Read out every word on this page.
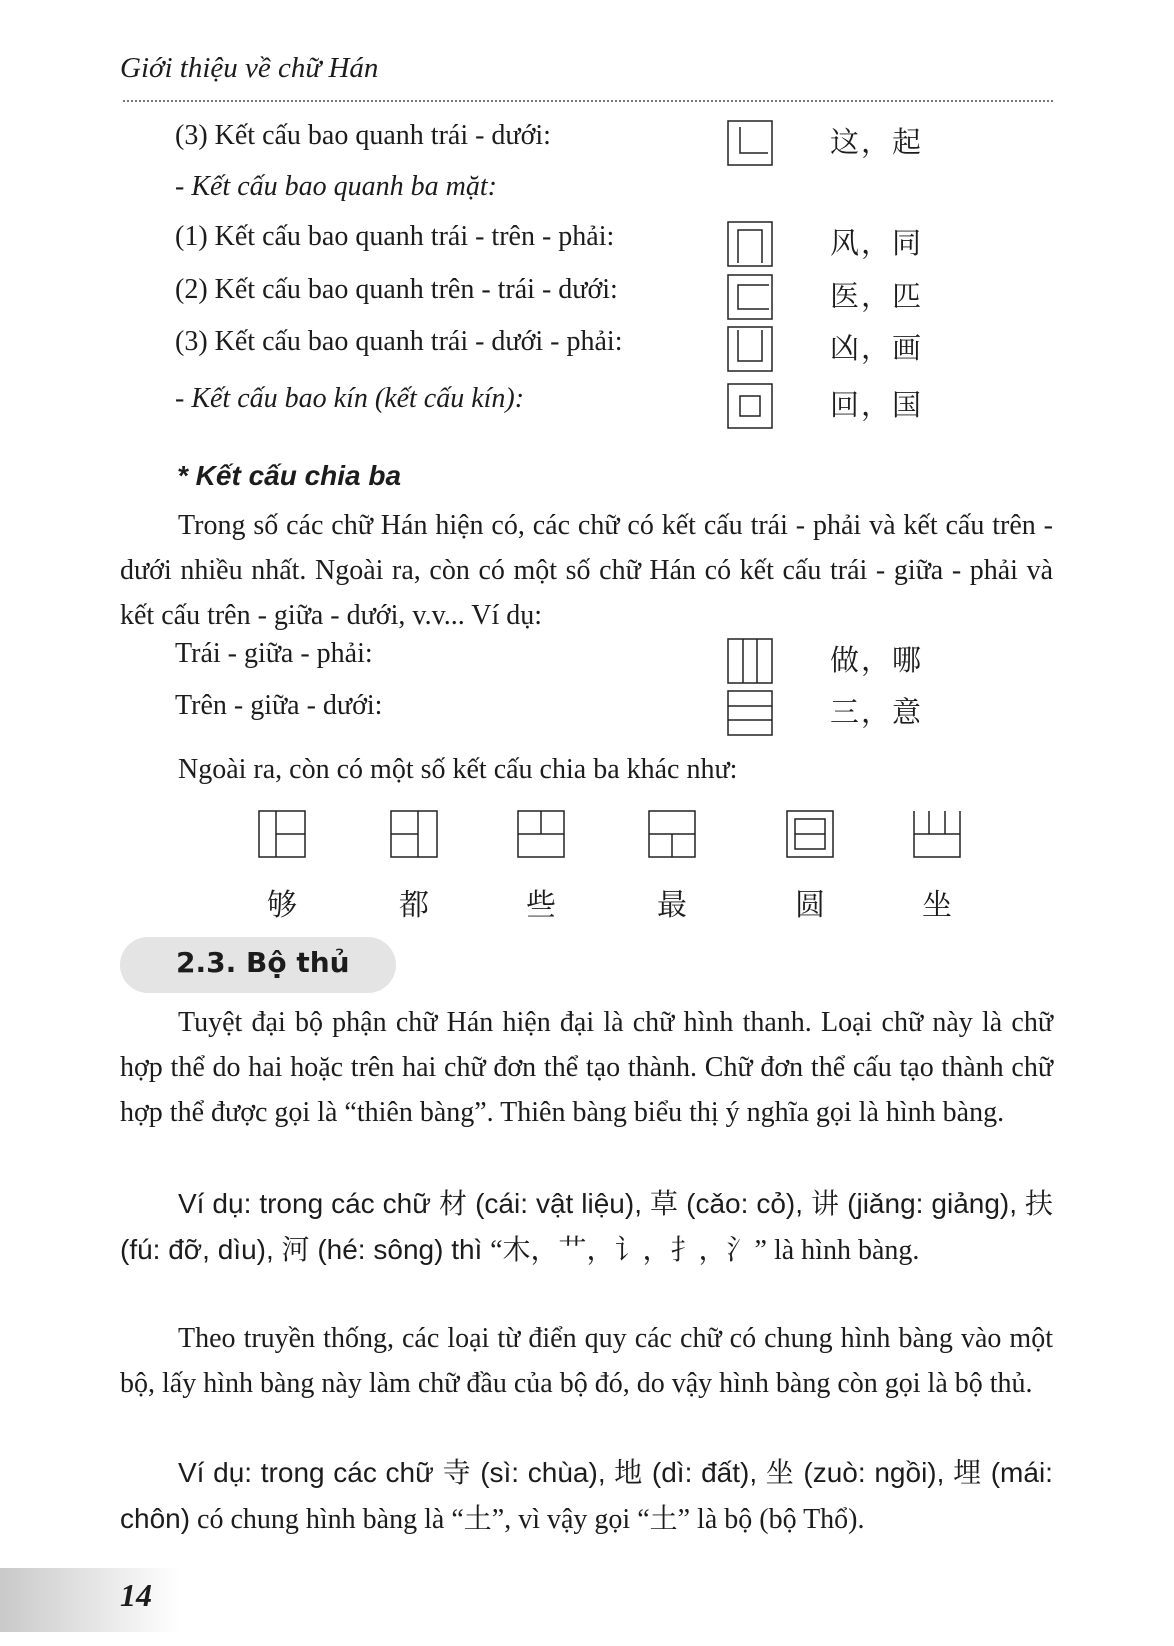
Giới thiệu về chữ Hán
(3) Kết cấu bao quanh trái - dưới:	这，起
- Kết cấu bao quanh ba mặt:
(1) Kết cấu bao quanh trái - trên - phải:	风，同
(2) Kết cấu bao quanh trên - trái - dưới:	医，匹
(3) Kết cấu bao quanh trái - dưới - phải:	凶，画
- Kết cấu bao kín (kết cấu kín):	回，国
* Kết cấu chia ba

Trong số các chữ Hán hiện có, các chữ có kết cấu trái - phải và kết cấu trên - dưới nhiều nhất. Ngoài ra, còn có một số chữ Hán có kết cấu trái - giữa - phải và kết cấu trên - giữa - dưới, v.v... Ví dụ:

Trái - giữa - phải:	做，哪
Trên - giữa - dưới:	三，意

Ngoài ra, còn có một số kết cấu chia ba khác như:

够	都	些	最	圆	坐
2.3. Bộ thủ

Tuyệt đại bộ phận chữ Hán hiện đại là chữ hình thanh. Loại chữ này là chữ hợp thể do hai hoặc trên hai chữ đơn thể tạo thành. Chữ đơn thể cấu tạo thành chữ hợp thể được gọi là “thiên bàng”. Thiên bàng biểu thị ý nghĩa gọi là hình bàng.

Ví dụ: trong các chữ 材 (cái: vật liệu), 草 (cǎo: cỏ), 讲 (jiǎng: giảng), 扶 (fú: đỡ, dìu), 河 (hé: sông) thì “木，艹，讠，扌，氵” là hình bàng.

Theo truyền thống, các loại từ điển quy các chữ có chung hình bàng vào một bộ, lấy hình bàng này làm chữ đầu của bộ đó, do vậy hình bàng còn gọi là bộ thủ.

Ví dụ: trong các chữ 寺 (sì: chùa), 地 (dì: đất), 坐 (zuò: ngồi), 埋 (mái: chôn) có chung hình bàng là “土”, vì vậy gọi “土” là bộ (bộ Thổ).

14
